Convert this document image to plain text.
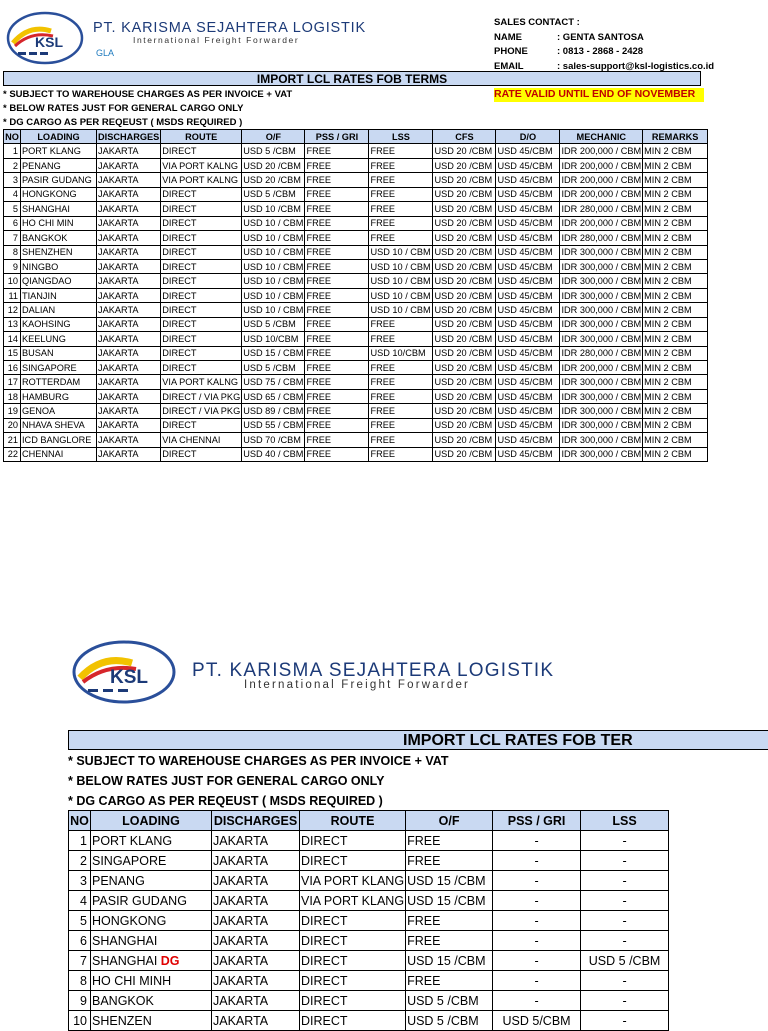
KSL
PT. KARISMA SEJAHTERA LOGISTIK
International Freight Forwarder
GLA
SALES CONTACT :
NAME	: GENTA SANTOSA
PHONE	: 0813 - 2868 - 2428
EMAIL	: sales-support@ksl-logistics.co.id
IMPORT LCL RATES FOB TERMS
* SUBJECT TO WAREHOUSE CHARGES AS PER INVOICE + VAT
* BELOW RATES JUST FOR GENERAL CARGO ONLY
* DG CARGO AS PER REQEUST ( MSDS REQUIRED )
RATE VALID UNTIL END OF NOVEMBER
NO	LOADING	DISCHARGES	ROUTE	O/F	PSS / GRI	LSS	CFS	D/O	MECHANIC	REMARKS
1	PORT KLANG	JAKARTA	DIRECT	USD 5 /CBM	FREE	FREE	USD 20 /CBM	USD 45/CBM	IDR 200,000 / CBM	MIN 2 CBM
2	PENANG	JAKARTA	VIA PORT KALNG	USD 20 /CBM	FREE	FREE	USD 20 /CBM	USD 45/CBM	IDR 200,000 / CBM	MIN 2 CBM
3	PASIR GUDANG	JAKARTA	VIA PORT KALNG	USD 20 /CBM	FREE	FREE	USD 20 /CBM	USD 45/CBM	IDR 200,000 / CBM	MIN 2 CBM
4	HONGKONG	JAKARTA	DIRECT	USD 5 /CBM	FREE	FREE	USD 20 /CBM	USD 45/CBM	IDR 200,000 / CBM	MIN 2 CBM
5	SHANGHAI	JAKARTA	DIRECT	USD 10 /CBM	FREE	FREE	USD 20 /CBM	USD 45/CBM	IDR 280,000 / CBM	MIN 2 CBM
6	HO CHI MIN	JAKARTA	DIRECT	USD 10 / CBM	FREE	FREE	USD 20 /CBM	USD 45/CBM	IDR 200,000 / CBM	MIN 2 CBM
7	BANGKOK	JAKARTA	DIRECT	USD 10 / CBM	FREE	FREE	USD 20 /CBM	USD 45/CBM	IDR 280,000 / CBM	MIN 2 CBM
8	SHENZHEN	JAKARTA	DIRECT	USD 10 / CBM	FREE	USD 10 / CBM	USD 20 /CBM	USD 45/CBM	IDR 300,000 / CBM	MIN 2 CBM
9	NINGBO	JAKARTA	DIRECT	USD 10 / CBM	FREE	USD 10 / CBM	USD 20 /CBM	USD 45/CBM	IDR 300,000 / CBM	MIN 2 CBM
10	QIANGDAO	JAKARTA	DIRECT	USD 10 / CBM	FREE	USD 10 / CBM	USD 20 /CBM	USD 45/CBM	IDR 300,000 / CBM	MIN 2 CBM
11	TIANJIN	JAKARTA	DIRECT	USD 10 / CBM	FREE	USD 10 / CBM	USD 20 /CBM	USD 45/CBM	IDR 300,000 / CBM	MIN 2 CBM
12	DALIAN	JAKARTA	DIRECT	USD 10 / CBM	FREE	USD 10 / CBM	USD 20 /CBM	USD 45/CBM	IDR 300,000 / CBM	MIN 2 CBM
13	KAOHSING	JAKARTA	DIRECT	USD 5 /CBM	FREE	FREE	USD 20 /CBM	USD 45/CBM	IDR 300,000 / CBM	MIN 2 CBM
14	KEELUNG	JAKARTA	DIRECT	USD 10/CBM	FREE	FREE	USD 20 /CBM	USD 45/CBM	IDR 300,000 / CBM	MIN 2 CBM
15	BUSAN	JAKARTA	DIRECT	USD 15 / CBM	FREE	USD 10/CBM	USD 20 /CBM	USD 45/CBM	IDR 280,000 / CBM	MIN 2 CBM
16	SINGAPORE	JAKARTA	DIRECT	USD 5 /CBM	FREE	FREE	USD 20 /CBM	USD 45/CBM	IDR 200,000 / CBM	MIN 2 CBM
17	ROTTERDAM	JAKARTA	VIA PORT KALNG	USD 75 / CBM	FREE	FREE	USD 20 /CBM	USD 45/CBM	IDR 300,000 / CBM	MIN 2 CBM
18	HAMBURG	JAKARTA	DIRECT / VIA PKG	USD 65 / CBM	FREE	FREE	USD 20 /CBM	USD 45/CBM	IDR 300,000 / CBM	MIN 2 CBM
19	GENOA	JAKARTA	DIRECT / VIA PKG	USD 89 / CBM	FREE	FREE	USD 20 /CBM	USD 45/CBM	IDR 300,000 / CBM	MIN 2 CBM
20	NHAVA SHEVA	JAKARTA	DIRECT	USD 55 / CBM	FREE	FREE	USD 20 /CBM	USD 45/CBM	IDR 300,000 / CBM	MIN 2 CBM
21	ICD BANGLORE	JAKARTA	VIA CHENNAI	USD 70 /CBM	FREE	FREE	USD 20 /CBM	USD 45/CBM	IDR 300,000 / CBM	MIN 2 CBM
22	CHENNAI	JAKARTA	DIRECT	USD 40 / CBM	FREE	FREE	USD 20 /CBM	USD 45/CBM	IDR 300,000 / CBM	MIN 2 CBM
KSL PT. KARISMA SEJAHTERA LOGISTIK
International Freight Forwarder
IMPORT LCL RATES FOB TER
* SUBJECT TO WAREHOUSE CHARGES AS PER INVOICE + VAT
* BELOW RATES JUST FOR GENERAL CARGO ONLY
* DG CARGO AS PER REQEUST ( MSDS REQUIRED )
NO	LOADING	DISCHARGES	ROUTE	O/F	PSS / GRI	LSS
1	PORT KLANG	JAKARTA	DIRECT	FREE	-	-
2	SINGAPORE	JAKARTA	DIRECT	FREE	-	-
3	PENANG	JAKARTA	VIA PORT KLANG	USD 15 /CBM	-	-
4	PASIR GUDANG	JAKARTA	VIA PORT KLANG	USD 15 /CBM	-	-
5	HONGKONG	JAKARTA	DIRECT	FREE	-	-
6	SHANGHAI	JAKARTA	DIRECT	FREE	-	-
7	SHANGHAI DG	JAKARTA	DIRECT	USD 15 /CBM	-	USD 5 /CBM
8	HO CHI MINH	JAKARTA	DIRECT	FREE	-	-
9	BANGKOK	JAKARTA	DIRECT	USD 5 /CBM	-	-
10	SHENZEN	JAKARTA	DIRECT	USD 5 /CBM	USD 5/CBM	-
